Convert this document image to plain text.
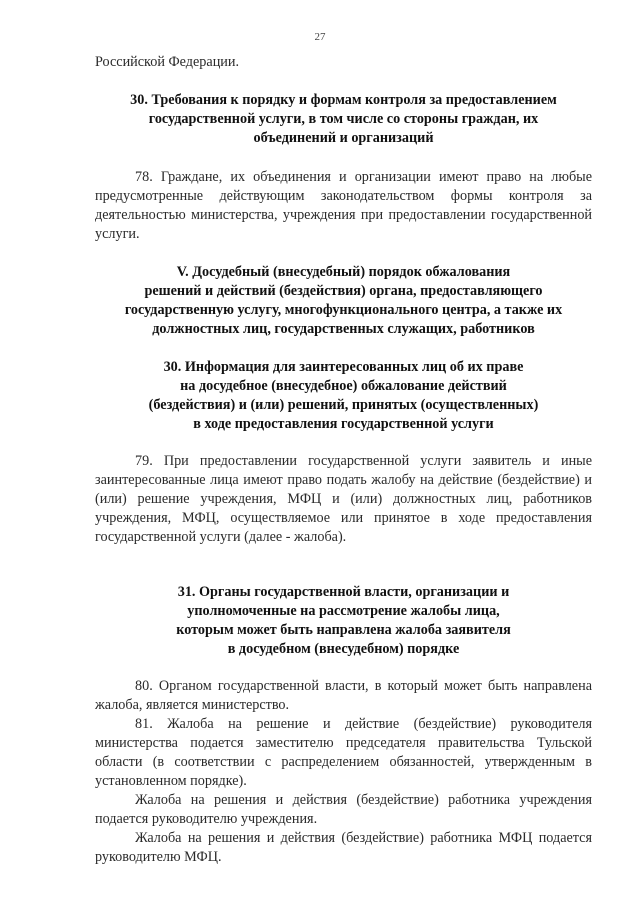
27

Российской Федерации.

30. Требования к порядку и формам контроля за предоставлением
государственной услуги, в том числе со стороны граждан, их
объединений и организаций

78. Граждане, их объединения и организации имеют право на любые предусмотренные действующим законодательством формы контроля за деятельностью министерства, учреждения при предоставлении государственной услуги.

V. Досудебный (внесудебный) порядок обжалования
решений и действий (бездействия) органа, предоставляющего
государственную услугу, многофункционального центра, а также их
должностных лиц, государственных служащих, работников
30. Информация для заинтересованных лиц об их праве
на досудебное (внесудебное) обжалование действий
(бездействия) и (или) решений, принятых (осуществленных)
в ходе предоставления государственной услуги

79. При предоставлении государственной услуги заявитель и иные заинтересованные лица имеют право подать жалобу на действие (бездействие) и (или) решение учреждения, МФЦ и (или) должностных лиц, работников учреждения, МФЦ, осуществляемое или принятое в ходе предоставления государственной услуги (далее - жалоба).

31. Органы государственной власти, организации и
уполномоченные на рассмотрение жалобы лица,
которым может быть направлена жалоба заявителя
в досудебном (внесудебном) порядке

80. Органом государственной власти, в который может быть направлена жалоба, является министерство.

81. Жалоба на решение и действие (бездействие) руководителя министерства подается заместителю председателя правительства Тульской области (в соответствии с распределением обязанностей, утвержденным в установленном порядке).

Жалоба на решения и действия (бездействие) работника учреждения подается руководителю учреждения.

Жалоба на решения и действия (бездействие) работника МФЦ подается руководителю МФЦ.
